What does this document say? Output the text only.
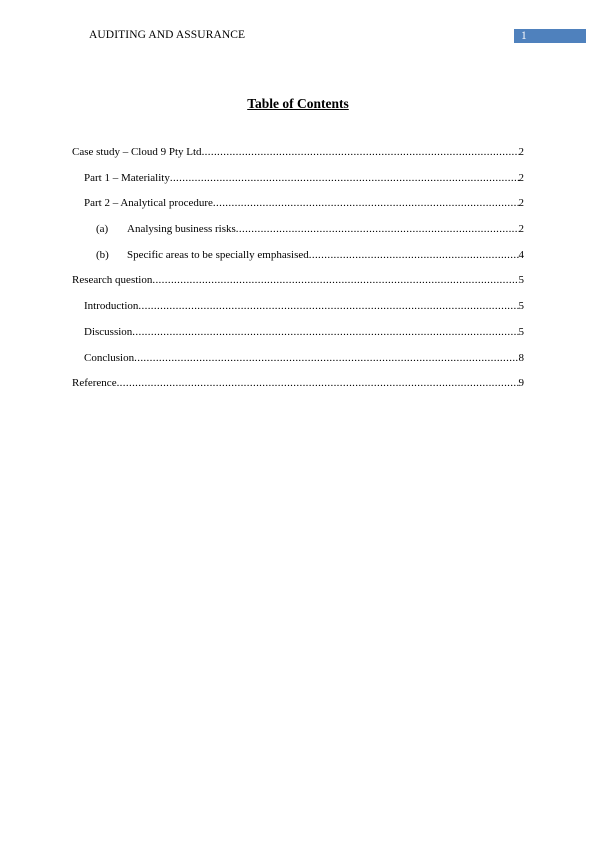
AUDITING AND ASSURANCE	1
Table of Contents
Case study – Cloud 9 Pty Ltd .....	2
Part 1 – Materiality .....	2
Part 2 – Analytical procedure .....	2
(a)	Analysing business risks .....	2
(b)	Specific areas to be specially emphasised .....	4
Research question .....	5
Introduction .....	5
Discussion .....	5
Conclusion .....	8
Reference .....	9
